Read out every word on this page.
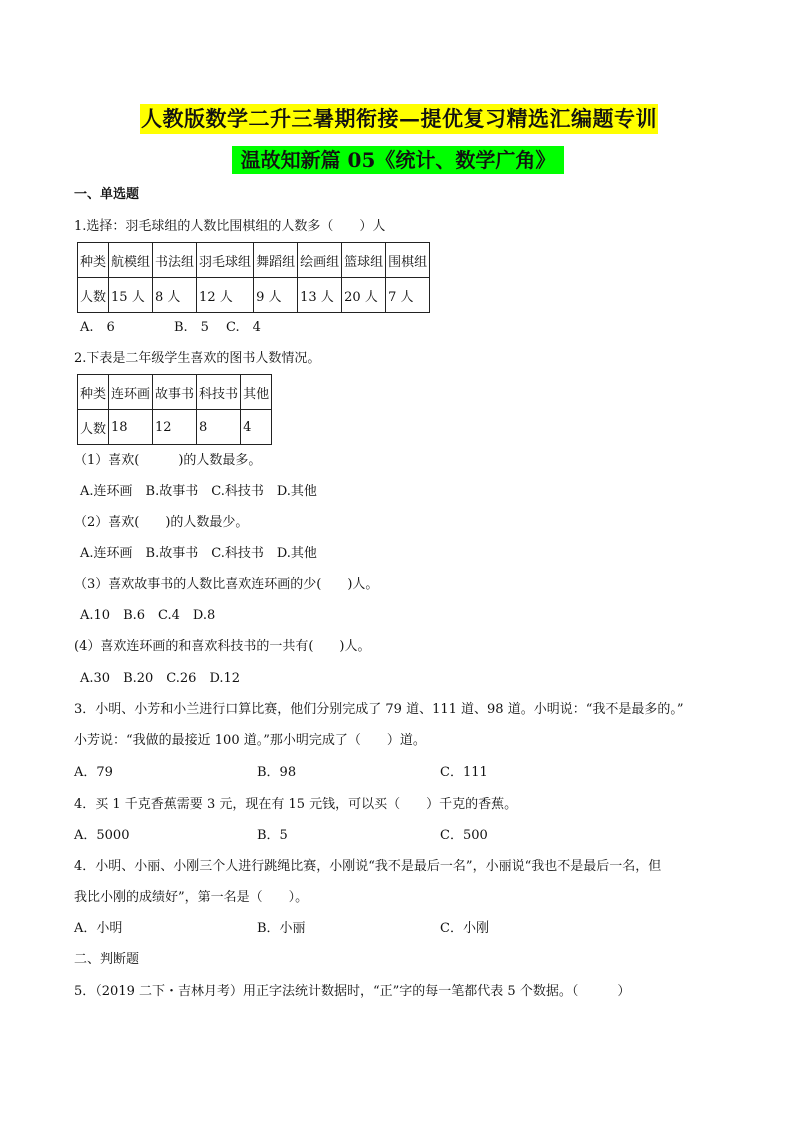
人教版数学二升三暑期衔接—提优复习精选汇编题专训
温故知新篇 05《统计、数学广角》
一、单选题
1.选择：羽毛球组的人数比围棋组的人数多（　　）人
种类	航模组	书法组	羽毛球组	舞蹈组	绘画组	篮球组	围棋组
人数	15 人	8 人	12 人	9 人	13 人	20 人	7 人
A.　6	B.　5 C.　4
2.下表是二年级学生喜欢的图书人数情况。
种类	连环画	故事书	科技书	其他
人数	18	12	8	4
（1）喜欢(　　　)的人数最多。
A.连环画　B.故事书　C.科技书　D.其他
（2）喜欢(　　)的人数最少。
A.连环画　B.故事书　C.科技书　D.其他
（3）喜欢故事书的人数比喜欢连环画的少(　　)人。
A.10　B.6　C.4　D.8
(4）喜欢连环画的和喜欢科技书的一共有(　　)人。
A.30　B.20　C.26　D.12
3．小明、小芳和小兰进行口算比赛，他们分别完成了 79 道、111 道、98 道。小明说：“我不是最多的。”
小芳说：“我做的最接近 100 道。”那小明完成了（　　）道。
A．79	B．98	C．111
4．买 1 千克香蕉需要 3 元，现在有 15 元钱，可以买（　　）千克的香蕉。
A．5000	B．5	C．500
4．小明、小丽、小刚三个人进行跳绳比赛，小刚说“我不是最后一名”，小丽说“我也不是最后一名，但
我比小刚的成绩好”，第一名是（　　）。
A．小明	B．小丽	C．小刚
二、判断题
5．（2019 二下・吉林月考）用正字法统计数据时，“正”字的每一笔都代表 5 个数据。（　　　）
